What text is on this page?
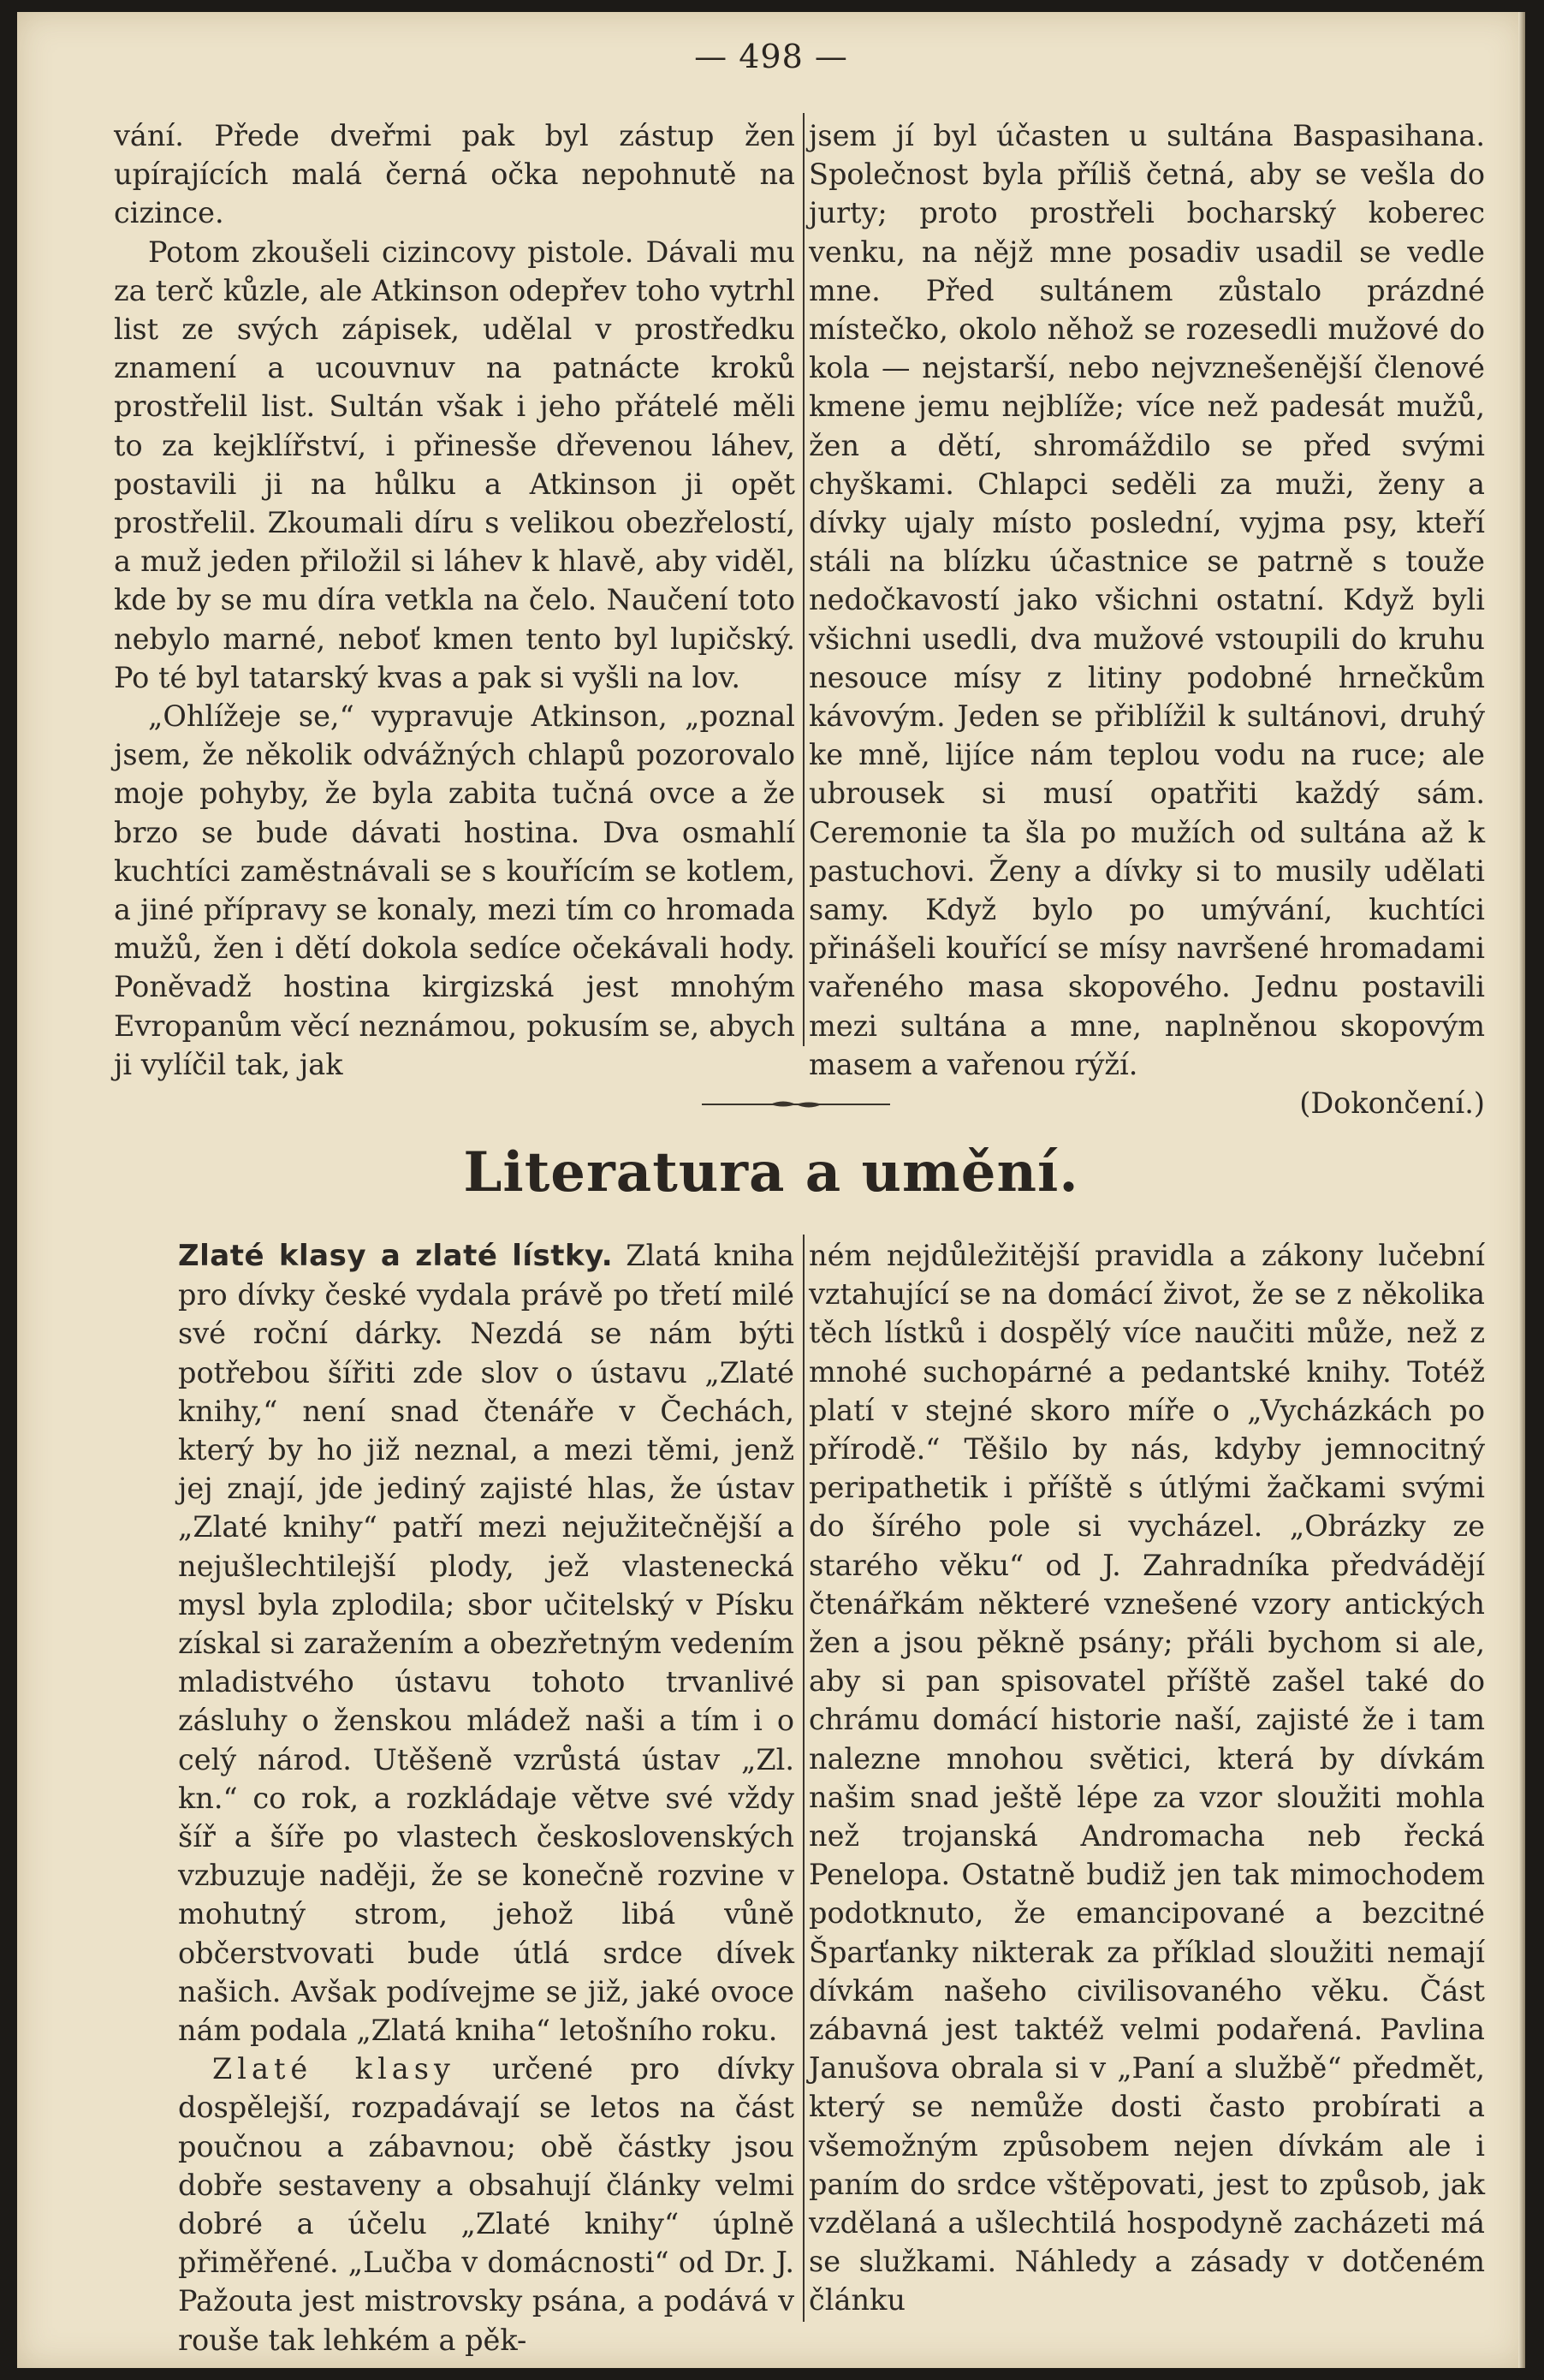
— 498 —

vání. Přede dveřmi pak byl zástup žen upírajících malá černá očka nepohnutě na cizince.

Potom zkoušeli cizincovy pistole. Dávali mu za terč kůzle, ale Atkinson odepřev toho vytrhl list ze svých zápisek, udělal v prostředku znamení a ucouvnuv na patnácte kroků prostřelil list. Sultán však i jeho přátelé měli to za kejklířství, i přinesše dřevenou láhev, postavili ji na hůlku a Atkinson ji opět prostřelil. Zkoumali díru s velikou obezřelostí, a muž jeden přiložil si láhev k hlavě, aby viděl, kde by se mu díra vetkla na čelo. Naučení toto nebylo marné, neboť kmen tento byl lupičský. Po té byl tatarský kvas a pak si vyšli na lov.

„Ohlížeje se,“ vypravuje Atkinson, „poznal jsem, že několik odvážných chlapů pozorovalo moje pohyby, že byla zabita tučná ovce a že brzo se bude dávati hostina. Dva osmahlí kuchtíci zaměstnávali se s kouřícím se kotlem, a jiné přípravy se konaly, mezi tím co hromada mužů, žen i dětí dokola sedíce očekávali hody. Poněvadž hostina kirgizská jest mnohým Evropanům věcí neznámou, pokusím se, abych ji vylíčil tak, jak

jsem jí byl účasten u sultána Baspasihana. Společnost byla příliš četná, aby se vešla do jurty; proto prostřeli bocharský koberec venku, na nějž mne posadiv usadil se vedle mne. Před sultánem zůstalo prázdné místečko, okolo něhož se rozesedli mužové do kola — nejstarší, nebo nejvznešenější členové kmene jemu nejblíže; více než padesát mužů, žen a dětí, shromáždilo se před svými chyškami. Chlapci seděli za muži, ženy a dívky ujaly místo poslední, vyjma psy, kteří stáli na blízku účastnice se patrně s touže nedočkavostí jako všichni ostatní. Když byli všichni usedli, dva mužové vstoupili do kruhu nesouce mísy z litiny podobné hrnečkům kávovým. Jeden se přiblížil k sultánovi, druhý ke mně, lijíce nám teplou vodu na ruce; ale ubrousek si musí opatřiti každý sám. Ceremonie ta šla po mužích od sultána až k pastuchovi. Ženy a dívky si to musily udělati samy. Když bylo po umývání, kuchtíci přinášeli kouřící se mísy navršené hromadami vařeného masa skopového. Jednu postavili mezi sultána a mne, naplněnou skopovým masem a vařenou rýží.

(Dokončení.)

Literatura a umění.

Zlaté klasy a zlaté lístky. Zlatá kniha pro dívky české vydala právě po třetí milé své roční dárky. Nezdá se nám býti potřebou šířiti zde slov o ústavu „Zlaté knihy,“ není snad čtenáře v Čechách, který by ho již neznal, a mezi těmi, jenž jej znají, jde jediný zajisté hlas, že ústav „Zlaté knihy“ patří mezi nejužitečnější a nejušlechtilejší plody, jež vlastenecká mysl byla zplodila; sbor učitelský v Písku získal si zaražením a obezřetným vedením mladistvého ústavu tohoto trvanlivé zásluhy o ženskou mládež naši a tím i o celý národ. Utěšeně vzrůstá ústav „Zl. kn.“ co rok, a rozkládaje větve své vždy šíř a šíře po vlastech československých vzbuzuje naději, že se konečně rozvine v mohutný strom, jehož libá vůně občerstvovati bude útlá srdce dívek našich. Avšak podívejme se již, jaké ovoce nám podala „Zlatá kniha“ letošního roku.

Zlaté klasy určené pro dívky dospělejší, rozpadávají se letos na část poučnou a zábavnou; obě částky jsou dobře sestaveny a obsahují články velmi dobré a účelu „Zlaté knihy“ úplně přiměřené. „Lučba v domácnosti“ od Dr. J. Pažouta jest mistrovsky psána, a podává v rouše tak lehkém a pěk-

ném nejdůležitější pravidla a zákony lučební vztahující se na domácí život, že se z několika těch lístků i dospělý více naučiti může, než z mnohé suchopárné a pedantské knihy. Totéž platí v stejné skoro míře o „Vycházkách po přírodě.“ Těšilo by nás, kdyby jemnocitný peripathetik i příště s útlými žačkami svými do šírého pole si vycházel. „Obrázky ze starého věku“ od J. Zahradníka předvádějí čtenářkám některé vznešené vzory antických žen a jsou pěkně psány; přáli bychom si ale, aby si pan spisovatel příště zašel také do chrámu domácí historie naší, zajisté že i tam nalezne mnohou světici, která by dívkám našim snad ještě lépe za vzor sloužiti mohla než trojanská Andromacha neb řecká Penelopa. Ostatně budiž jen tak mimochodem podotknuto, že emancipované a bezcitné Šparťanky nikterak za příklad sloužiti nemají dívkám našeho civilisovaného věku. Část zábavná jest taktéž velmi podařená. Pavlina Janušova obrala si v „Paní a službě“ předmět, který se nemůže dosti často probírati a všemožným způsobem nejen dívkám ale i paním do srdce vštěpovati, jest to způsob, jak vzdělaná a ušlechtilá hospodyně zacházeti má se služkami. Náhledy a zásady v dotčeném článku
